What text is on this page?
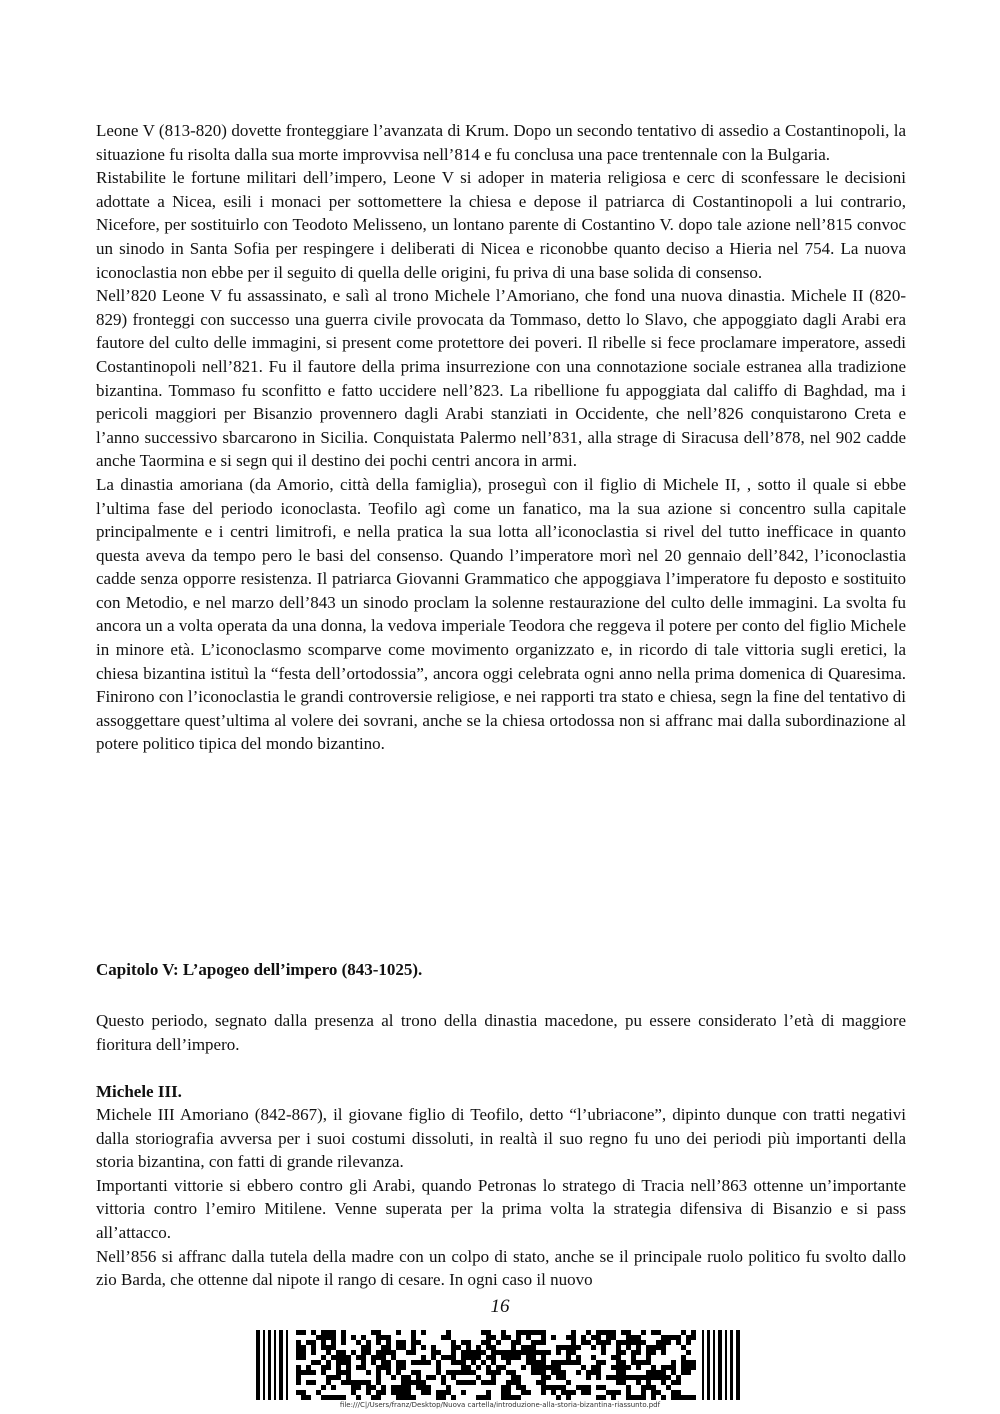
Leone V (813-820) dovette fronteggiare l’avanzata di Krum. Dopo un secondo tentativo di assedio a Costantinopoli, la situazione fu risolta dalla sua morte improvvisa nell’814 e fu conclusa una pace trentennale con la Bulgaria.

Ristabilite le fortune militari dell’impero, Leone V si adoper in materia religiosa e cerc di sconfessare le decisioni adottate a Nicea, esili i monaci per sottomettere la chiesa e depose il patriarca di Costantinopoli a lui contrario, Nicefore, per sostituirlo con Teodoto Melisseno, un lontano parente di Costantino V. dopo tale azione nell’815 convoc un sinodo in Santa Sofia per respingere i deliberati di Nicea e riconobbe quanto deciso a Hieria nel 754. La nuova iconoclastia non ebbe per il seguito di quella delle origini, fu priva di una base solida di consenso.

Nell’820 Leone V fu assassinato, e salì al trono Michele l’Amoriano, che fond una nuova dinastia. Michele II (820-829) fronteggi con successo una guerra civile provocata da Tommaso, detto lo Slavo, che appoggiato dagli Arabi era fautore del culto delle immagini, si present come protettore dei poveri. Il ribelle si fece proclamare imperatore, assedi Costantinopoli nell’821. Fu il fautore della prima insurrezione con una connotazione sociale estranea alla tradizione bizantina. Tommaso fu sconfitto e fatto uccidere nell’823. La ribellione fu appoggiata dal califfo di Baghdad, ma i pericoli maggiori per Bisanzio provennero dagli Arabi stanziati in Occidente, che nell’826 conquistarono Creta e l’anno successivo sbarcarono in Sicilia. Conquistata Palermo nell’831, alla strage di Siracusa dell’878, nel 902 cadde anche Taormina e si segn qui il destino dei pochi centri ancora in armi.

La dinastia amoriana (da Amorio, città della famiglia), proseguì con il figlio di Michele II, , sotto il quale si ebbe l’ultima fase del periodo iconoclasta. Teofilo agì come un fanatico, ma la sua azione si concentro sulla capitale principalmente e i centri limitrofi, e nella pratica la sua lotta all’iconoclastia si rivel del tutto inefficace in quanto questa aveva da tempo pero le basi del consenso. Quando l’imperatore morì nel 20 gennaio dell’842, l’iconoclastia cadde senza opporre resistenza. Il patriarca Giovanni Grammatico che appoggiava l’imperatore fu deposto e sostituito con Metodio, e nel marzo dell’843 un sinodo proclam la solenne restaurazione del culto delle immagini. La svolta fu ancora un a volta operata da una donna, la vedova imperiale Teodora che reggeva il potere per conto del figlio Michele in minore età. L’iconoclasmo scomparve come movimento organizzato e, in ricordo di tale vittoria sugli eretici, la chiesa bizantina istituì la “festa dell’ortodossia”, ancora oggi celebrata ogni anno nella prima domenica di Quaresima. Finirono con l’iconoclastia le grandi controversie religiose, e nei rapporti tra stato e chiesa, segn la fine del tentativo di assoggettare quest’ultima al volere dei sovrani, anche se la chiesa ortodossa non si affranc mai dalla subordinazione al potere politico tipica del mondo bizantino.

Capitolo V: L’apogeo dell’impero (843-1025).

Questo periodo, segnato dalla presenza al trono della dinastia macedone, pu essere considerato l’età di maggiore fioritura dell’impero.

Michele III.

Michele III Amoriano (842-867), il giovane figlio di Teofilo, detto “l’ubriacone”, dipinto dunque con tratti negativi dalla storiografia avversa per i suoi costumi dissoluti, in realtà il suo regno fu uno dei periodi più importanti della storia bizantina, con fatti di grande rilevanza.

Importanti vittorie si ebbero contro gli Arabi, quando Petronas lo stratego di Tracia nell’863 ottenne un’importante vittoria contro l’emiro Mitilene. Venne superata per la prima volta la strategia difensiva di Bisanzio e si pass all’attacco.

Nell’856 si affranc dalla tutela della madre con un colpo di stato, anche se il principale ruolo politico fu svolto dallo zio Barda, che ottenne dal nipote il rango di cesare. In ogni caso il nuovo

16
file:///C|/Users/franz/Desktop/Nuova cartella/introduzione-alla-storia-bizantina-riassunto.pdf
